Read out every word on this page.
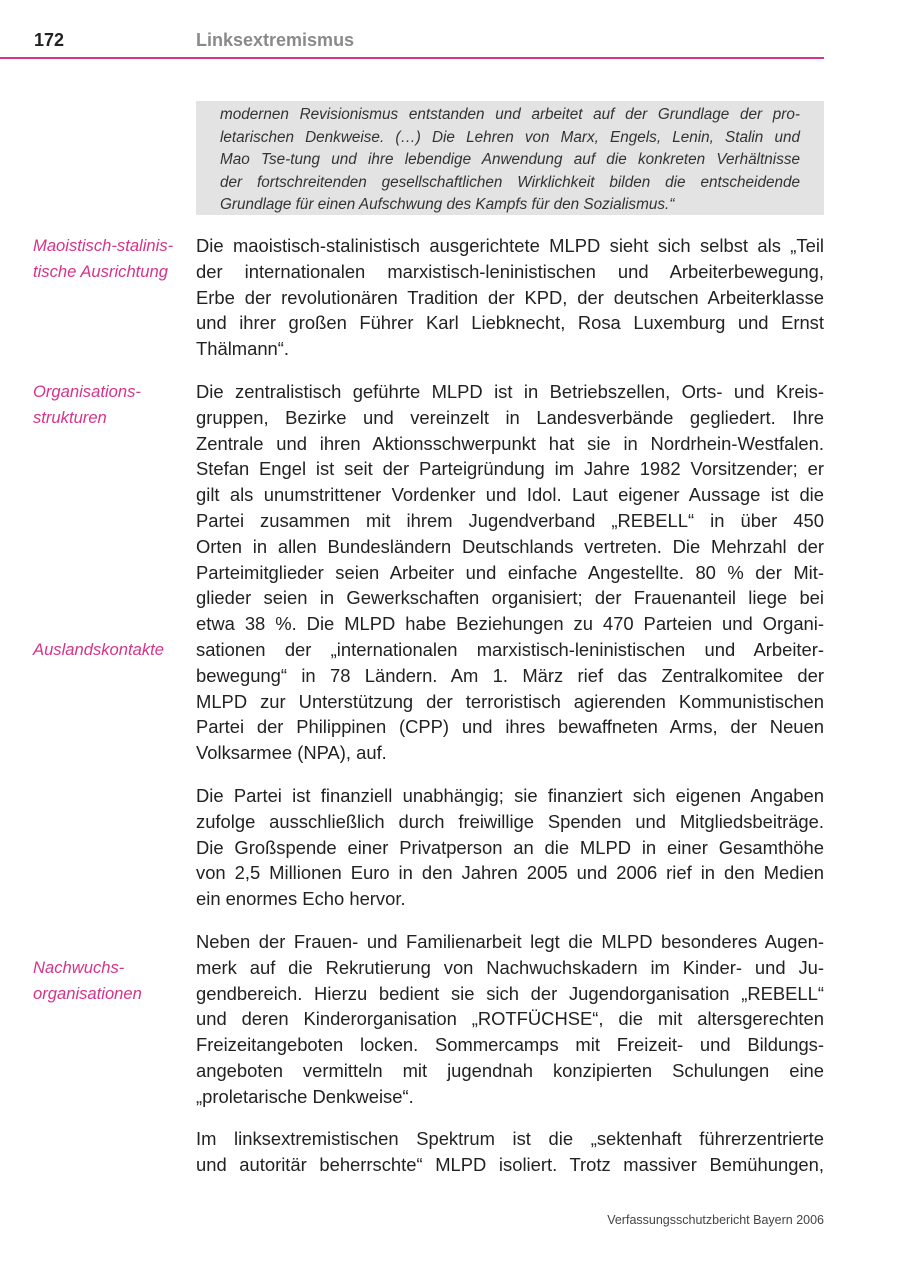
172	Linksextremismus
modernen Revisionismus entstanden und arbeitet auf der Grundlage der pro-
letarischen Denkweise. (…) Die Lehren von Marx, Engels, Lenin, Stalin und
Mao Tse-tung und ihre lebendige Anwendung auf die konkreten Verhältnisse
der fortschreitenden gesellschaftlichen Wirklichkeit bilden die entscheidende
Grundlage für einen Aufschwung des Kampfs für den Sozialismus.“
Maoistisch-stalinis-
tische Ausrichtung
Die maoistisch-stalinistisch ausgerichtete MLPD sieht sich selbst als „Teil
der internationalen marxistisch-leninistischen und Arbeiterbewegung,
Erbe der revolutionären Tradition der KPD, der deutschen Arbeiterklasse
und ihrer großen Führer Karl Liebknecht, Rosa Luxemburg und Ernst
Thälmann“.
Organisations-
strukturen
Auslandskontakte
Die zentralistisch geführte MLPD ist in Betriebszellen, Orts- und Kreis-
gruppen, Bezirke und vereinzelt in Landesverbände gegliedert. Ihre
Zentrale und ihren Aktionsschwerpunkt hat sie in Nordrhein-Westfalen.
Stefan Engel ist seit der Parteigründung im Jahre 1982 Vorsitzender; er
gilt als unumstrittener Vordenker und Idol. Laut eigener Aussage ist die
Partei zusammen mit ihrem Jugendverband „REBELL“ in über 450
Orten in allen Bundesländern Deutschlands vertreten. Die Mehrzahl der
Parteimitglieder seien Arbeiter und einfache Angestellte. 80 % der Mit-
glieder seien in Gewerkschaften organisiert; der Frauenanteil liege bei
etwa 38 %. Die MLPD habe Beziehungen zu 470 Parteien und Organi-
sationen der „internationalen marxistisch-leninistischen und Arbeiter-
bewegung“ in 78 Ländern. Am 1. März rief das Zentralkomitee der
MLPD zur Unterstützung der terroristisch agierenden Kommunistischen
Partei der Philippinen (CPP) und ihres bewaffneten Arms, der Neuen
Volksarmee (NPA), auf.
Die Partei ist finanziell unabhängig; sie finanziert sich eigenen Angaben
zufolge ausschließlich durch freiwillige Spenden und Mitgliedsbeiträge.
Die Großspende einer Privatperson an die MLPD in einer Gesamthöhe
von 2,5 Millionen Euro in den Jahren 2005 und 2006 rief in den Medien
ein enormes Echo hervor.
Nachwuchs-
organisationen
Neben der Frauen- und Familienarbeit legt die MLPD besonderes Augen-
merk auf die Rekrutierung von Nachwuchskadern im Kinder- und Ju-
gendbereich. Hierzu bedient sie sich der Jugendorganisation „REBELL“
und deren Kinderorganisation „ROTFÜCHSE“, die mit altersgerechten
Freizeitangeboten locken. Sommercamps mit Freizeit- und Bildungs-
angeboten vermitteln mit jugendnah konzipierten Schulungen eine
„proletarische Denkweise“.
Im linksextremistischen Spektrum ist die „sektenhaft führerzentrierte
und autoritär beherrschte“ MLPD isoliert. Trotz massiver Bemühungen,
Verfassungsschutzbericht Bayern 2006
